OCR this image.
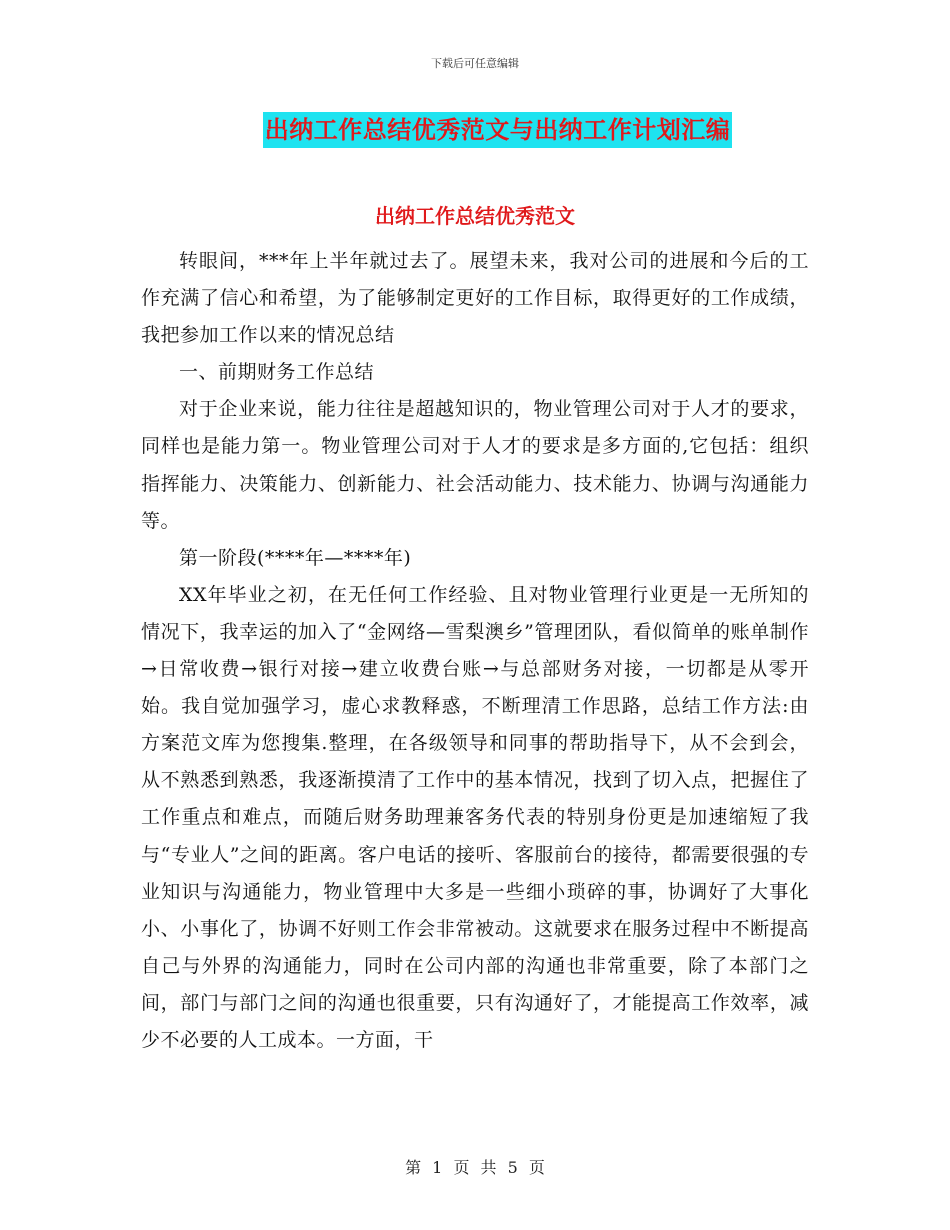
下载后可任意编辑
出纳工作总结优秀范文与出纳工作计划汇编
出纳工作总结优秀范文

转眼间，***年上半年就过去了。展望未来，我对公司的进展和今后的工作充满了信心和希望，为了能够制定更好的工作目标，取得更好的工作成绩，我把参加工作以来的情况总结

一、前期财务工作总结

对于企业来说，能力往往是超越知识的，物业管理公司对于人才的要求，同样也是能力第一。物业管理公司对于人才的要求是多方面的,它包括：组织指挥能力、决策能力、创新能力、社会活动能力、技术能力、协调与沟通能力等。

第一阶段(****年—****年)

XX年毕业之初，在无任何工作经验、且对物业管理行业更是一无所知的情况下，我幸运的加入了“金网络—雪梨澳乡”管理团队，看似简单的账单制作→日常收费→银行对接→建立收费台账→与总部财务对接，一切都是从零开始。我自觉加强学习，虚心求教释惑，不断理清工作思路，总结工作方法:由方案范文库为您搜集.整理，在各级领导和同事的帮助指导下，从不会到会，从不熟悉到熟悉，我逐渐摸清了工作中的基本情况，找到了切入点，把握住了工作重点和难点，而随后财务助理兼客务代表的特别身份更是加速缩短了我与“专业人”之间的距离。客户电话的接听、客服前台的接待，都需要很强的专业知识与沟通能力，物业管理中大多是一些细小琐碎的事，协调好了大事化小、小事化了，协调不好则工作会非常被动。这就要求在服务过程中不断提高自己与外界的沟通能力，同时在公司内部的沟通也非常重要，除了本部门之间，部门与部门之间的沟通也很重要，只有沟通好了，才能提高工作效率，减少不必要的人工成本。一方面，干

第 1 页 共 5 页
